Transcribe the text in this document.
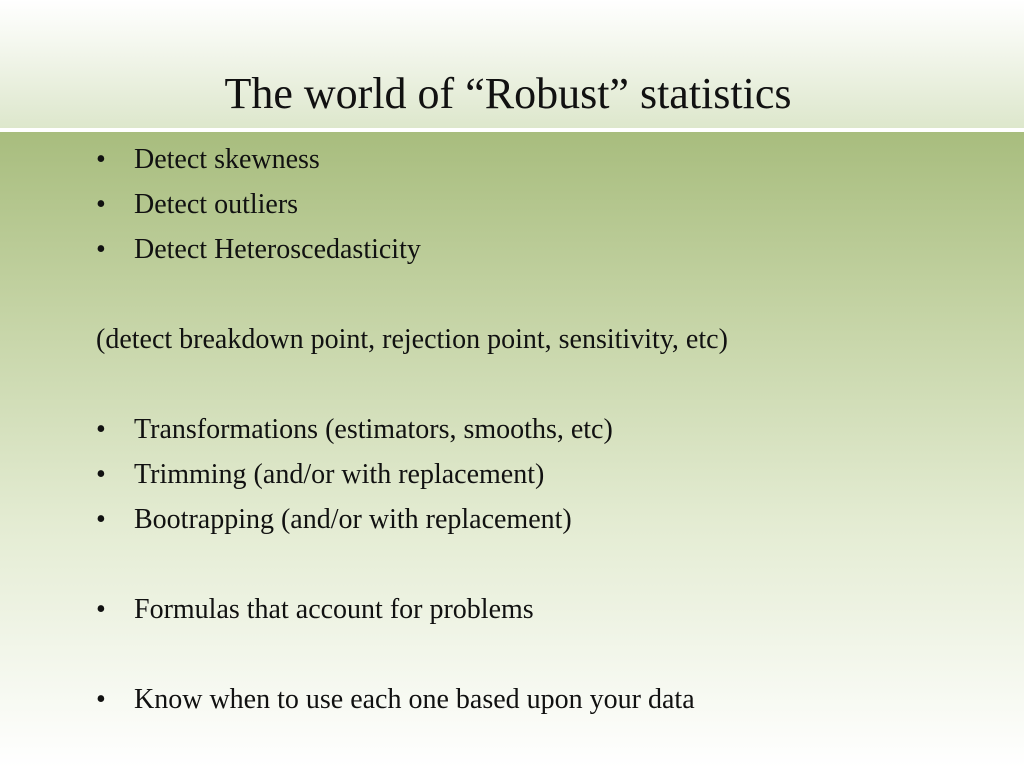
The world of “Robust” statistics
•	Detect skewness
•	Detect outliers
•	Detect Heteroscedasticity
(detect breakdown point, rejection point, sensitivity, etc)
•	Transformations (estimators, smooths, etc)
•	Trimming (and/or with replacement)
•	Bootrapping (and/or with replacement)
•	Formulas that account for problems
•	Know when to use each one based upon your data
